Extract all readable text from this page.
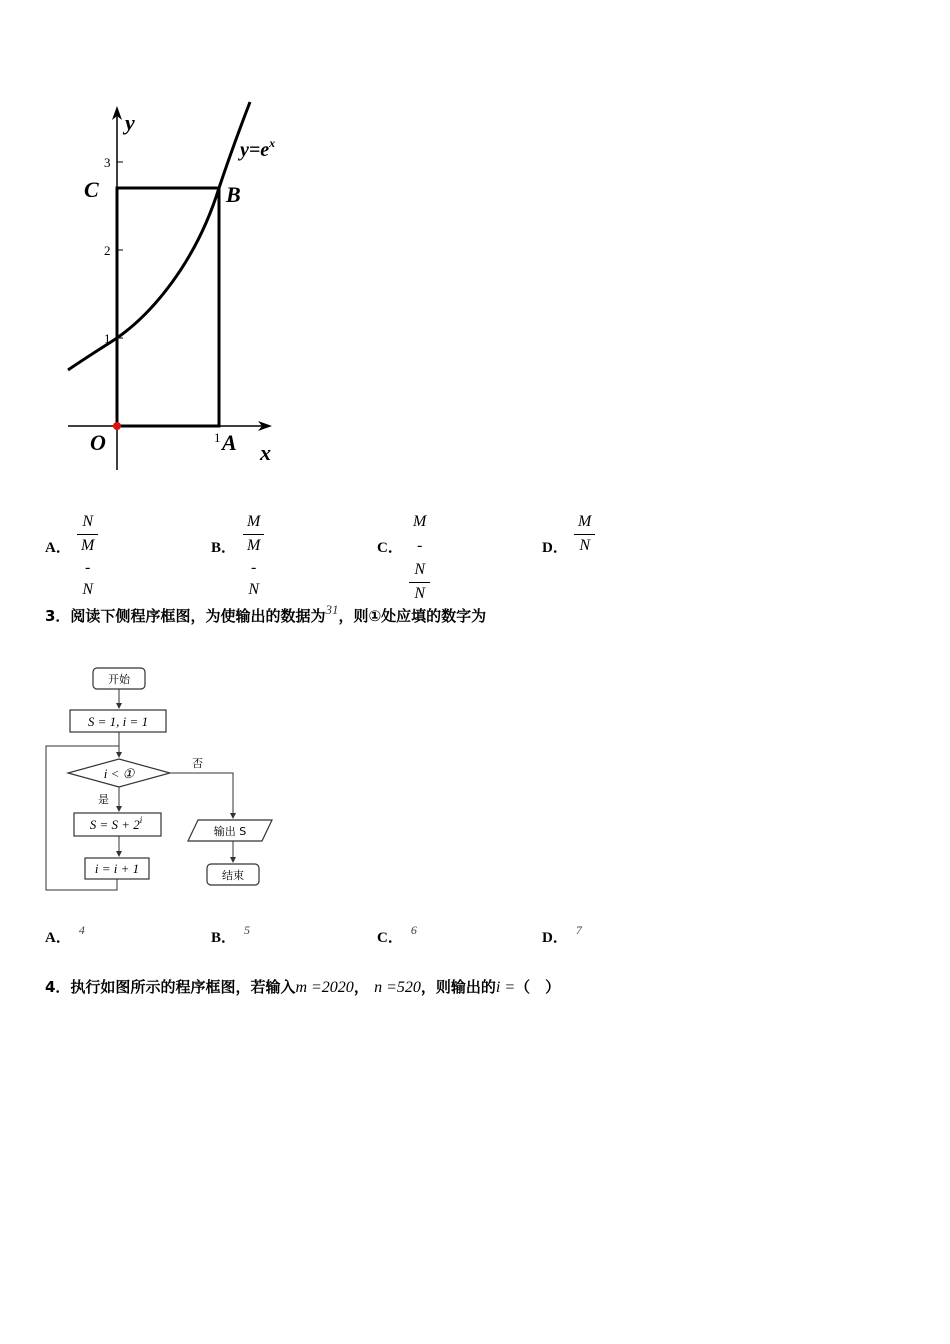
y
x
$y=e^x$
C	B
O	A
1
1
2
3
A．
N
M - N
B．
M
M - N
C．
M - N
N
D．
M
N
3．阅读下侧程序框图，为使输出的数据为31，则①处应填的数字为
开始
S = 1, i = 1
i < ①
否
是
$S = S + 2^i$
i = i + 1
输出 S
结束
A． $^4$	B． $^5$	C． $^6$	D． $^7$
4．执行如图所示的程序框图，若输入m =2020， n =520，则输出的i =（　）
